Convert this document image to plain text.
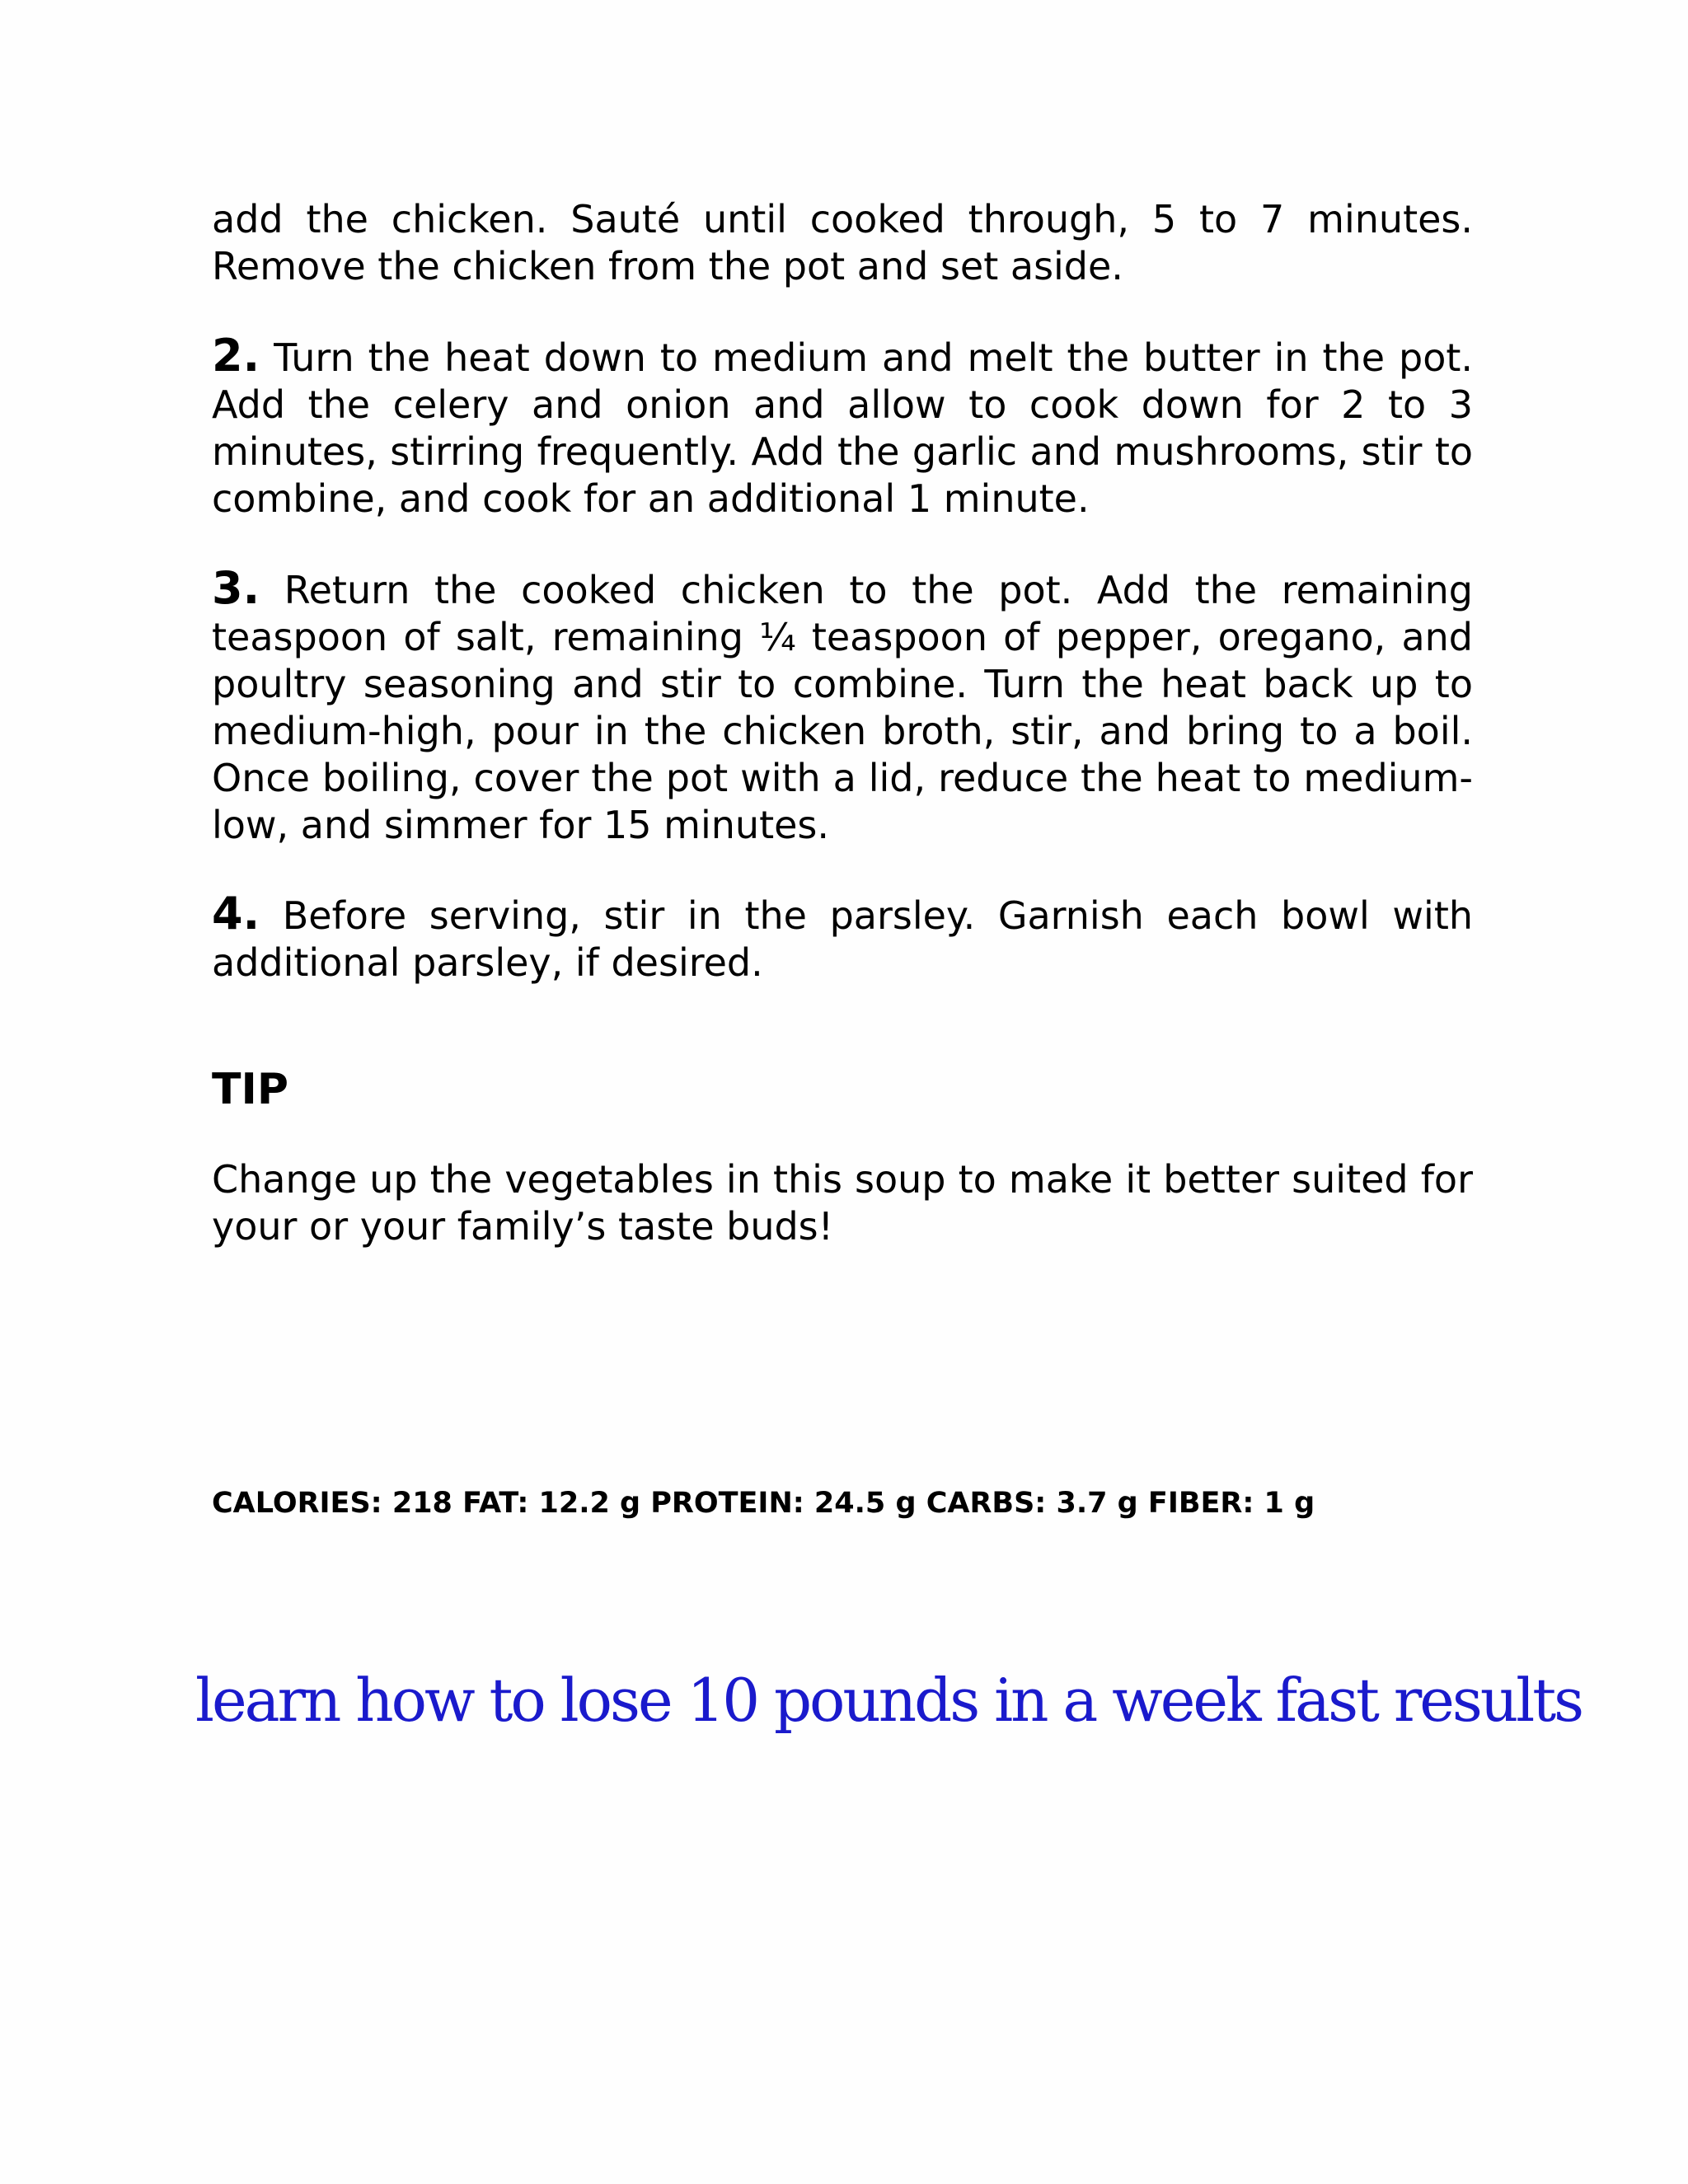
add the chicken. Sauté until cooked through, 5 to 7 minutes. Remove the chicken from the pot and set aside.

2. Turn the heat down to medium and melt the butter in the pot. Add the celery and onion and allow to cook down for 2 to 3 minutes, stirring frequently. Add the garlic and mushrooms, stir to combine, and cook for an additional 1 minute.

3. Return the cooked chicken to the pot. Add the remaining teaspoon of salt, remaining ¼ teaspoon of pepper, oregano, and poultry seasoning and stir to combine. Turn the heat back up to medium-high, pour in the chicken broth, stir, and bring to a boil. Once boiling, cover the pot with a lid, reduce the heat to medium-low, and simmer for 15 minutes.

4. Before serving, stir in the parsley. Garnish each bowl with additional parsley, if desired.

TIP

Change up the vegetables in this soup to make it better suited for your or your family’s taste buds!

CALORIES: 218 FAT: 12.2 g PROTEIN: 24.5 g CARBS: 3.7 g FIBER: 1 g

learn how to lose 10 pounds in a week fast results
